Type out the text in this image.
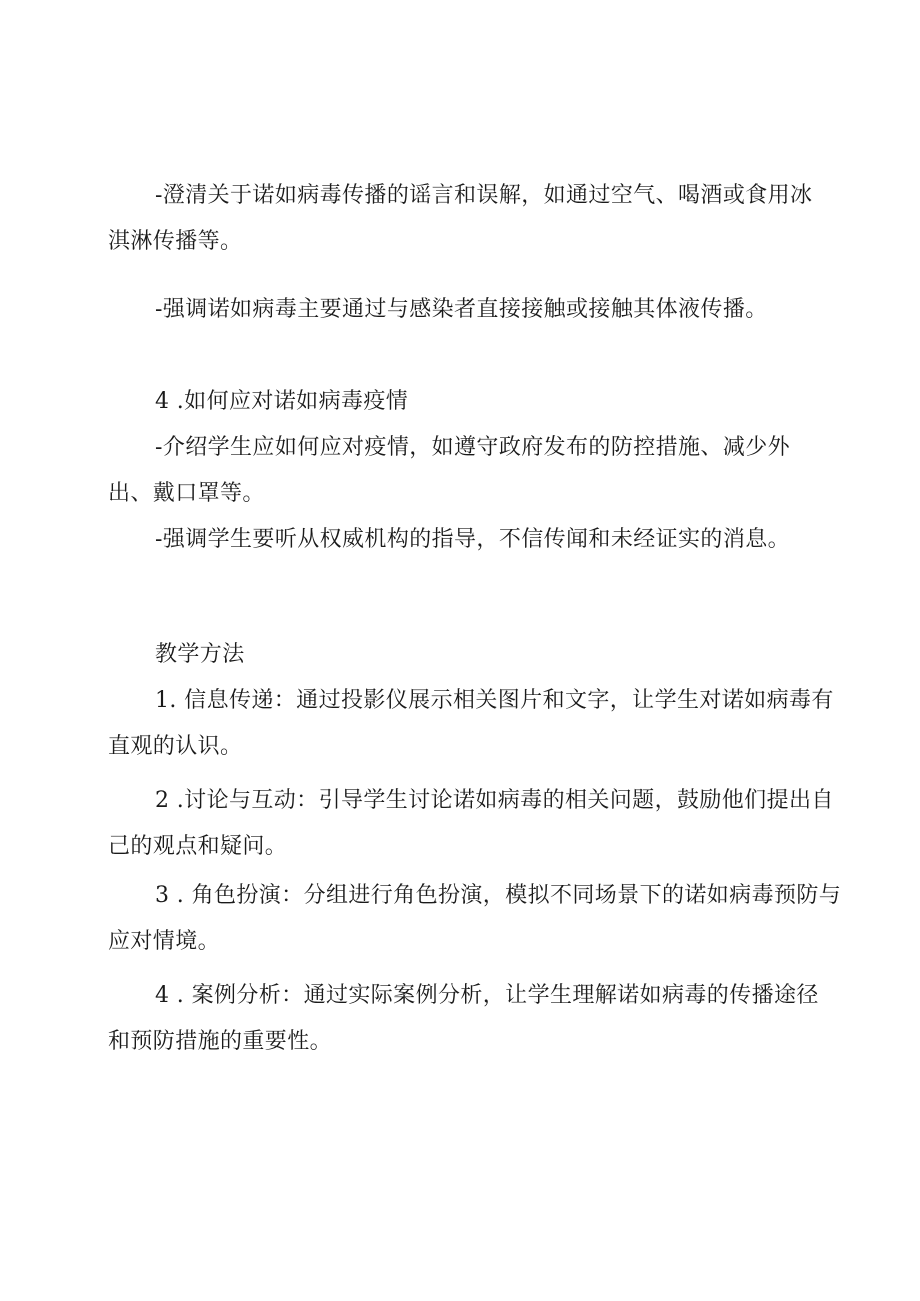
-澄清关于诺如病毒传播的谣言和误解，如通过空气、喝酒或食用冰
淇淋传播等。
-强调诺如病毒主要通过与感染者直接接触或接触其体液传播。
4 .如何应对诺如病毒疫情
-介绍学生应如何应对疫情，如遵守政府发布的防控措施、减少外
出、戴口罩等。
-强调学生要听从权威机构的指导，不信传闻和未经证实的消息。
教学方法
1. 信息传递：通过投影仪展示相关图片和文字，让学生对诺如病毒有
直观的认识。
2 .讨论与互动：引导学生讨论诺如病毒的相关问题，鼓励他们提出自
己的观点和疑问。
3 . 角色扮演：分组进行角色扮演，模拟不同场景下的诺如病毒预防与
应对情境。
4 . 案例分析：通过实际案例分析，让学生理解诺如病毒的传播途径
和预防措施的重要性。
